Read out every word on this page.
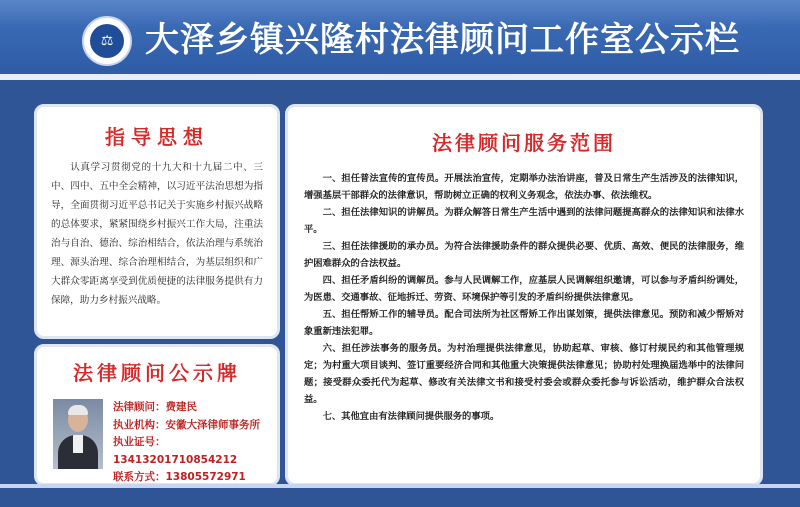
⚖ 大泽乡镇兴隆村法律顾问工作室公示栏
指导思想
认真学习贯彻党的十九大和十九届二中、三中、四中、五中全会精神，以习近平法治思想为指导，全面贯彻习近平总书记关于实施乡村振兴战略的总体要求，紧紧围绕乡村振兴工作大局，注重法治与自治、德治、综治相结合，依法治理与系统治理、源头治理、综合治理相结合，为基层组织和广大群众零距离享受到优质便捷的法律服务提供有力保障，助力乡村振兴战略。
法律顾问公示牌
法律顾问：费建民
执业机构：安徽大泽律师事务所
执业证号：13413201710854212
联系方式：13805572971
法律顾问服务范围

一、担任普法宣传的宣传员。开展法治宣传，定期举办法治讲座，普及日常生产生活涉及的法律知识，增强基层干部群众的法律意识，帮助树立正确的权利义务观念，依法办事、依法维权。

二、担任法律知识的讲解员。为群众解答日常生产生活中遇到的法律问题提高群众的法律知识和法律水平。

三、担任法律援助的承办员。为符合法律援助条件的群众提供必要、优质、高效、便民的法律服务，维护困难群众的合法权益。

四、担任矛盾纠纷的调解员。参与人民调解工作，应基层人民调解组织邀请，可以参与矛盾纠纷调处，为医患、交通事故、征地拆迁、劳资、环境保护等引发的矛盾纠纷提供法律意见。

五、担任帮矫工作的辅导员。配合司法所为社区帮矫工作出谋划策，提供法律意见。预防和减少帮矫对象重新违法犯罪。

六、担任涉法事务的服务员。为村治理提供法律意见，协助起草、审核、修订村规民约和其他管理规定；为村重大项目谈判、签订重要经济合同和其他重大决策提供法律意见；协助村处理换届选举中的法律问题；接受群众委托代为起草、修改有关法律文书和接受村委会或群众委托参与诉讼活动，维护群众合法权益。

七、其他宜由有法律顾问提供服务的事项。
